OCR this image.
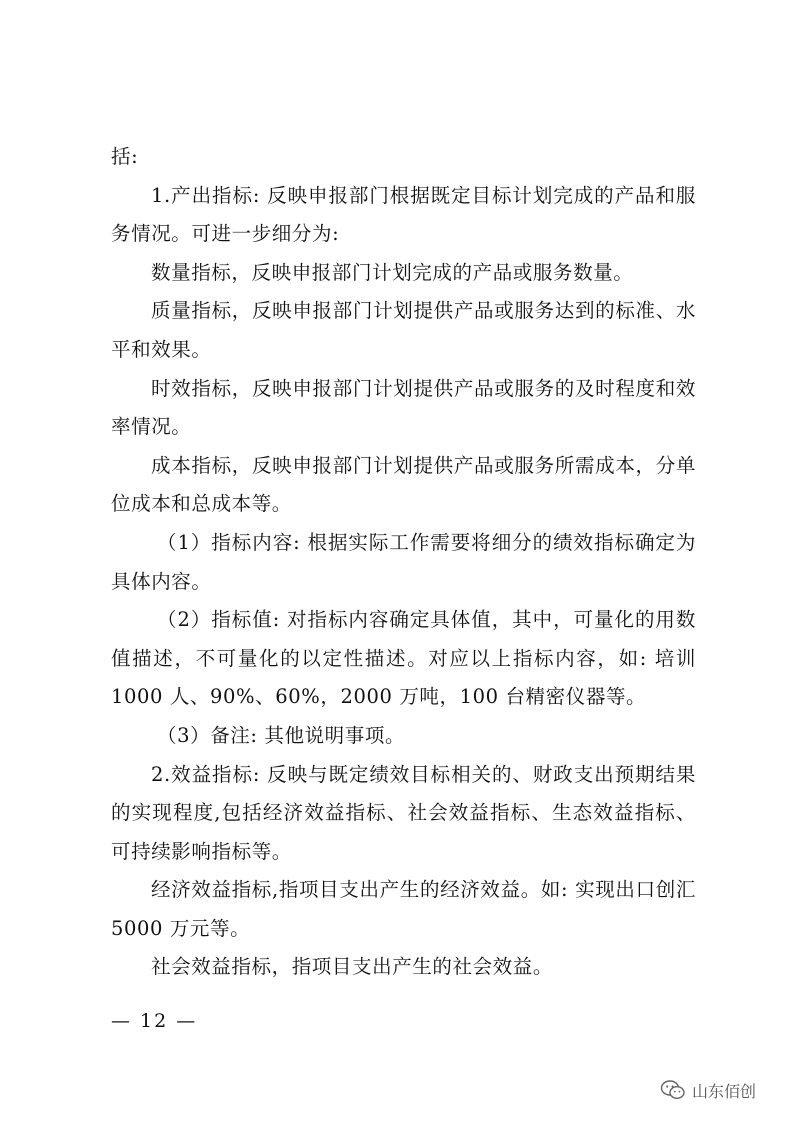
括:

1.产出指标: 反映申报部门根据既定目标计划完成的产品和服务情况。可进一步细分为:

数量指标，反映申报部门计划完成的产品或服务数量。

质量指标，反映申报部门计划提供产品或服务达到的标准、水平和效果。

时效指标，反映申报部门计划提供产品或服务的及时程度和效率情况。

成本指标，反映申报部门计划提供产品或服务所需成本，分单位成本和总成本等。

（1）指标内容: 根据实际工作需要将细分的绩效指标确定为具体内容。

（2）指标值: 对指标内容确定具体值，其中，可量化的用数值描述，不可量化的以定性描述。对应以上指标内容，如: 培训1000 人、90%、60%，2000 万吨，100 台精密仪器等。

（3）备注: 其他说明事项。

2.效益指标: 反映与既定绩效目标相关的、财政支出预期结果的实现程度,包括经济效益指标、社会效益指标、生态效益指标、可持续影响指标等。

经济效益指标,指项目支出产生的经济效益。如: 实现出口创汇 5000 万元等。

社会效益指标，指项目支出产生的社会效益。

— 12 —
山东佰创
